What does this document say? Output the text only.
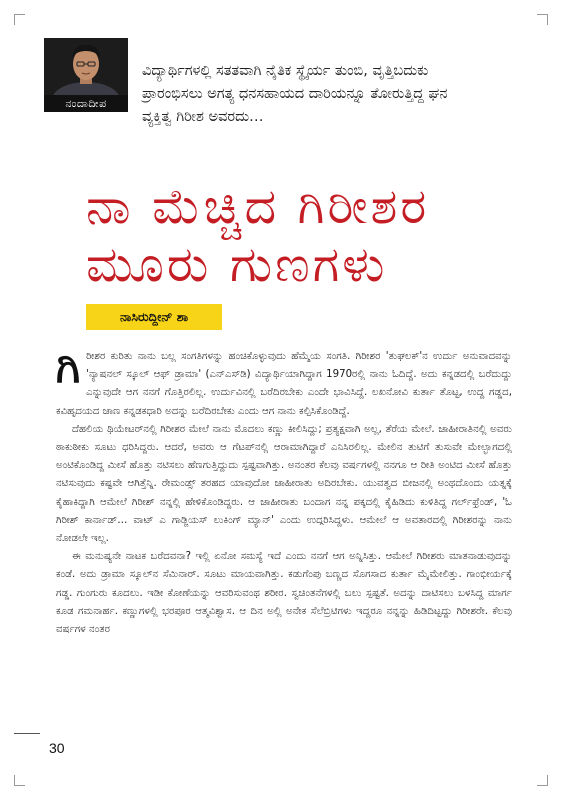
ನಂದಾದೀಪ
ವಿದ್ಯಾರ್ಥಿಗಳಲ್ಲಿ ಸತತವಾಗಿ ನೈತಿಕ ಸ್ಥೈರ್ಯ ತುಂಬಿ, ವೃತ್ತಿಬದುಕು ಪ್ರಾರಂಭಿಸಲು ಅಗತ್ಯ ಧನಸಹಾಯದ ದಾರಿಯನ್ನೂ ತೋರುತ್ತಿದ್ದ ಘನ ವ್ಯಕ್ತಿತ್ವ ಗಿರೀಶ ಅವರದು…
ನಾ ಮೆಚ್ಚಿದ ಗಿರೀಶರ
ಮೂರು ಗುಣಗಳು
ನಾಸಿರುದ್ದೀನ್ ಶಾ

ಗಿರೀಶರ ಕುರಿತು ನಾನು ಬಲ್ಲ ಸಂಗತಿಗಳನ್ನು ಹಂಚಿಕೊಳ್ಳುವುದು ಹೆಮ್ಮೆಯ ಸಂಗತಿ. ಗಿರೀಶರ 'ತುಘಲಕ್'ನ ಉರ್ದು ಅನುವಾದವನ್ನು 'ನ್ಯಾಷನಲ್ ಸ್ಕೂಲ್ ಆಫ್ ಡ್ರಾಮಾ' (ಎನ್‌ಎಸ್‌ಡಿ) ವಿದ್ಯಾರ್ಥಿಯಾಗಿದ್ದಾಗ 1970ರಲ್ಲಿ ನಾನು ಓದಿದ್ದೆ. ಅದು ಕನ್ನಡದಲ್ಲಿ ಬರೆದುದ್ದು ಎನ್ನುವುದೇ ಆಗ ನನಗೆ ಗೊತ್ತಿರಲಿಲ್ಲ. ಉರ್ದುವಿನಲ್ಲಿ ಬರೆದಿರಬೇಕು ಎಂದೇ ಭಾವಿಸಿದ್ದೆ. ಲಖನೋವಿ ಕುರ್ತಾ ತೊಟ್ಟ, ಉದ್ದ ಗಡ್ಡದ, ಕವಿಹೃದಯದ ಜಾಣ ಕನ್ನಡಕಧಾರಿ ಅದನ್ನು ಬರೆದಿರಬೇಕು ಎಂದು ಆಗ ನಾನು ಕಲ್ಪಿಸಿಕೊಂಡಿದ್ದೆ.

ದೆಹಲಿಯ ಥಿಯೇಟರ್‌ನಲ್ಲಿ ಗಿರೀಶರ ಮೇಲೆ ನಾನು ಮೊದಲು ಕಣ್ಣು ಕೀಲಿಸಿದ್ದು; ಪ್ರತ್ಯಕ್ಷವಾಗಿ ಅಲ್ಲ, ತೆರೆಯ ಮೇಲೆ. ಜಾಹೀರಾತಿನಲ್ಲಿ ಅವರು ಠಾಕುಠೀಕು ಸೂಟು ಧರಿಸಿದ್ದರು. ಆದರೆ, ಅವರು ಆ ಗೆಟಪ್‌ನಲ್ಲಿ ಆರಾಮಾಗಿದ್ದಾರೆ ಎನಿಸಿರಲಿಲ್ಲ. ಮೇಲಿನ ತುಟಿಗೆ ತುಸುವೇ ಮೇಲ್ಭಾಗದಲ್ಲಿ ಅಂಟಿಕೊಂಡಿದ್ದ ಮೀಸೆ ಹೊತ್ತು ನಟಿಸಲು ಹೆಣಗುತ್ತಿದ್ದುದು ಸ್ಪಷ್ಟವಾಗಿತ್ತು. ಅನಂತರ ಕೆಲವು ವರ್ಷಗಳಲ್ಲಿ ನನಗೂ ಆ ರೀತಿ ಅಂಟಿದ ಮೀಸೆ ಹೊತ್ತು ನಟಿಸುವುದು ಕಷ್ಟವೇ ಆಗಿತ್ತೆನ್ನಿ. ರೇಮಂಡ್ಸ್ ತರಹದ ಯಾವುದೋ ಜಾಹೀರಾತು ಅದಿರಬೇಕು. ಯುವತ್ವದ ಬೀಜನಲ್ಲಿ ಅಂಥದೊಂದು ಯತ್ನಕ್ಕೆ ಕೈಹಾಕಿದ್ದಾಗಿ ಆಮೇಲೆ ಗಿರೀಶ್ ನನ್ನಲ್ಲಿ ಹೇಳಿಕೊಂಡಿದ್ದರು. ಆ ಜಾಹೀರಾತು ಬಂದಾಗ ನನ್ನ ಪಕ್ಕದಲ್ಲಿ ಕೈಹಿಡಿದು ಕುಳಿತಿದ್ದ ಗರ್ಲ್‌ಫ್ರೆಂಡ್, 'ಓ ಗಿರೀಶ್ ಕಾರ್ನಾಡ್… ವಾಟ್ ಎ ಗಾಡ್ಜಿಯಸ್ ಲುಕಿಂಗ್ ಮ್ಯಾನ್' ಎಂದು ಉದ್ಗರಿಸಿದ್ದಳು. ಆಮೇಲೆ ಆ ಅವತಾರದಲ್ಲಿ ಗಿರೀಶರನ್ನು ನಾನು ನೋಡಲೇ ಇಲ್ಲ.

ಈ ಮನುಷ್ಯನೇ ನಾಟಕ ಬರೆದವನಾ? ಇಲ್ಲಿ ಏನೋ ಸಮಸ್ಯೆ ಇದೆ ಎಂದು ನನಗೆ ಆಗ ಅನ್ನಿಸಿತ್ತು. ಆಮೇಲೆ ಗಿರೀಶರು ಮಾತನಾಡುವುದನ್ನು ಕಂಡೆ. ಅದು ಡ್ರಾಮಾ ಸ್ಕೂಲ್‌ನ ಸೆಮಿನಾರ್. ಸೂಟು ಮಾಯವಾಗಿತ್ತು. ಕಡುಗೆಂಪು ಬಣ್ಣದ ಸೊಗಸಾದ ಕುರ್ತಾ ಮೈಮೇಲಿತ್ತು. ಗಾಂಭೀರ್ಯಕ್ಕೆ ಗಡ್ಡ. ಗುಂಗುರು ಕೂದಲು. ಇಡೀ ಕೋಣೆಯನ್ನು ಆವರಿಸುವಂಥ ಶರೀರ. ಸ್ವಚಿಂತನೆಗಳಲ್ಲಿ ಬಲು ಸ್ಪಷ್ಟತೆ. ಅದನ್ನು ದಾಟಿಸಲು ಬಳಸಿದ್ದ ಮಾರ್ಗ ಕೂಡ ಗಮನಾರ್ಹ. ಕಣ್ಣುಗಳಲ್ಲಿ ಭರಪೂರ ಆತ್ಮವಿಶ್ವಾಸ. ಆ ದಿನ ಅಲ್ಲಿ ಅನೇಕ ಸೆಲೆಬ್ರಿಟಿಗಳು ಇದ್ದರೂ ನನ್ನನ್ನು ಹಿಡಿದಿಟ್ಟದ್ದು ಗಿರೀಶರೇ. ಕೆಲವು ವರ್ಷಗಳ ನಂತರ

30
